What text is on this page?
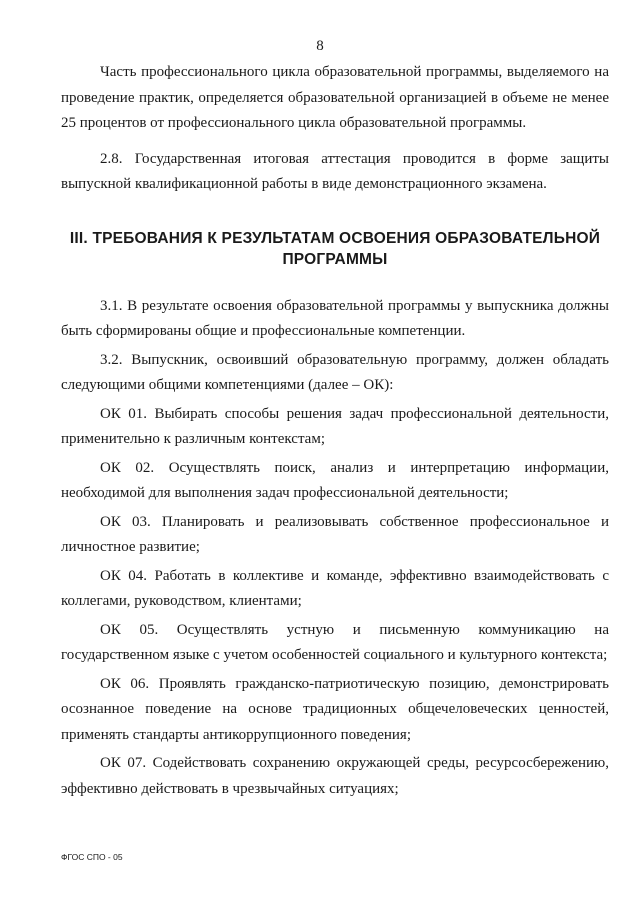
8

Часть профессионального цикла образовательной программы, выделяемого на проведение практик, определяется образовательной организацией в объеме не менее 25 процентов от профессионального цикла образовательной программы.

2.8. Государственная итоговая аттестация проводится в форме защиты выпускной квалификационной работы в виде демонстрационного экзамена.

III. ТРЕБОВАНИЯ К РЕЗУЛЬТАТАМ ОСВОЕНИЯ ОБРАЗОВАТЕЛЬНОЙ ПРОГРАММЫ

3.1. В результате освоения образовательной программы у выпускника должны быть сформированы общие и профессиональные компетенции.

3.2. Выпускник, освоивший образовательную программу, должен обладать следующими общими компетенциями (далее – ОК):

ОК 01. Выбирать способы решения задач профессиональной деятельности, применительно к различным контекстам;

ОК 02. Осуществлять поиск, анализ и интерпретацию информации, необходимой для выполнения задач профессиональной деятельности;

ОК 03. Планировать и реализовывать собственное профессиональное и личностное развитие;

ОК 04. Работать в коллективе и команде, эффективно взаимодействовать с коллегами, руководством, клиентами;

ОК 05. Осуществлять устную и письменную коммуникацию на государственном языке с учетом особенностей социального и культурного контекста;

ОК 06. Проявлять гражданско-патриотическую позицию, демонстрировать осознанное поведение на основе традиционных общечеловеческих ценностей, применять стандарты антикоррупционного поведения;

ОК 07. Содействовать сохранению окружающей среды, ресурсосбережению, эффективно действовать в чрезвычайных ситуациях;

ФГОС СПО - 05
